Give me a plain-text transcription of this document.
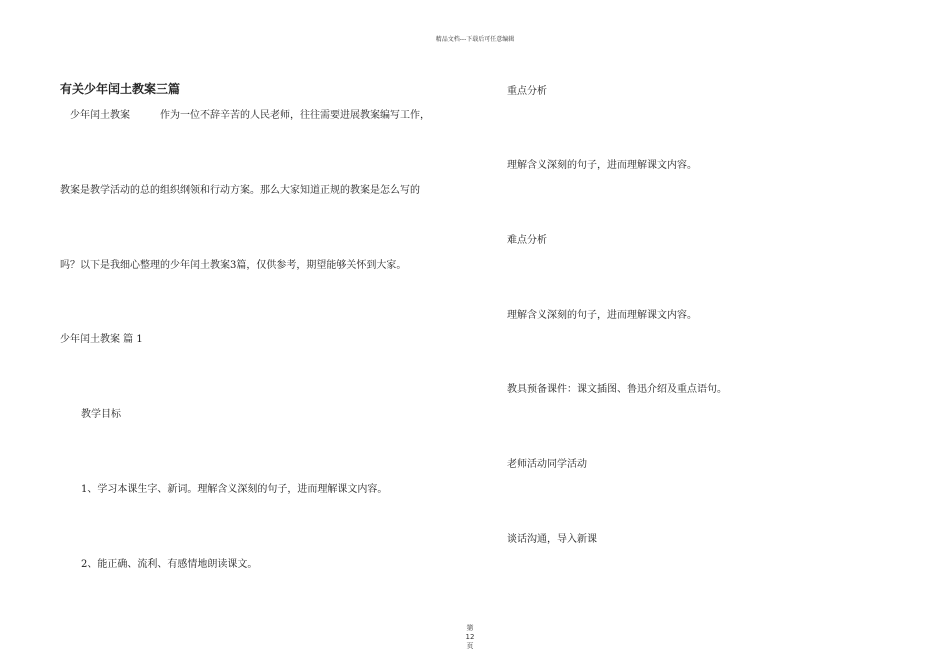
精品文档---下载后可任意编辑
有关少年闰土教案三篇
少年闰土教案	作为一位不辞辛苦的人民老师，往往需要进展教案编写工作，
教案是教学活动的总的组织纲领和行动方案。那么大家知道正规的教案是怎么写的
吗？以下是我细心整理的少年闰土教案3篇，仅供参考，期望能够关怀到大家。
少年闰土教案 篇 1
教学目标
1、学习本课生字、新词。理解含义深刻的句子，进而理解课文内容。
2、能正确、流利、有感情地朗读课文。
重点分析
理解含义深刻的句子，进而理解课文内容。
难点分析
理解含义深刻的句子，进而理解课文内容。
教具预备课件：课文插图、鲁迅介绍及重点语句。
老师活动同学活动
谈话沟通，导入新课
第
12
页
